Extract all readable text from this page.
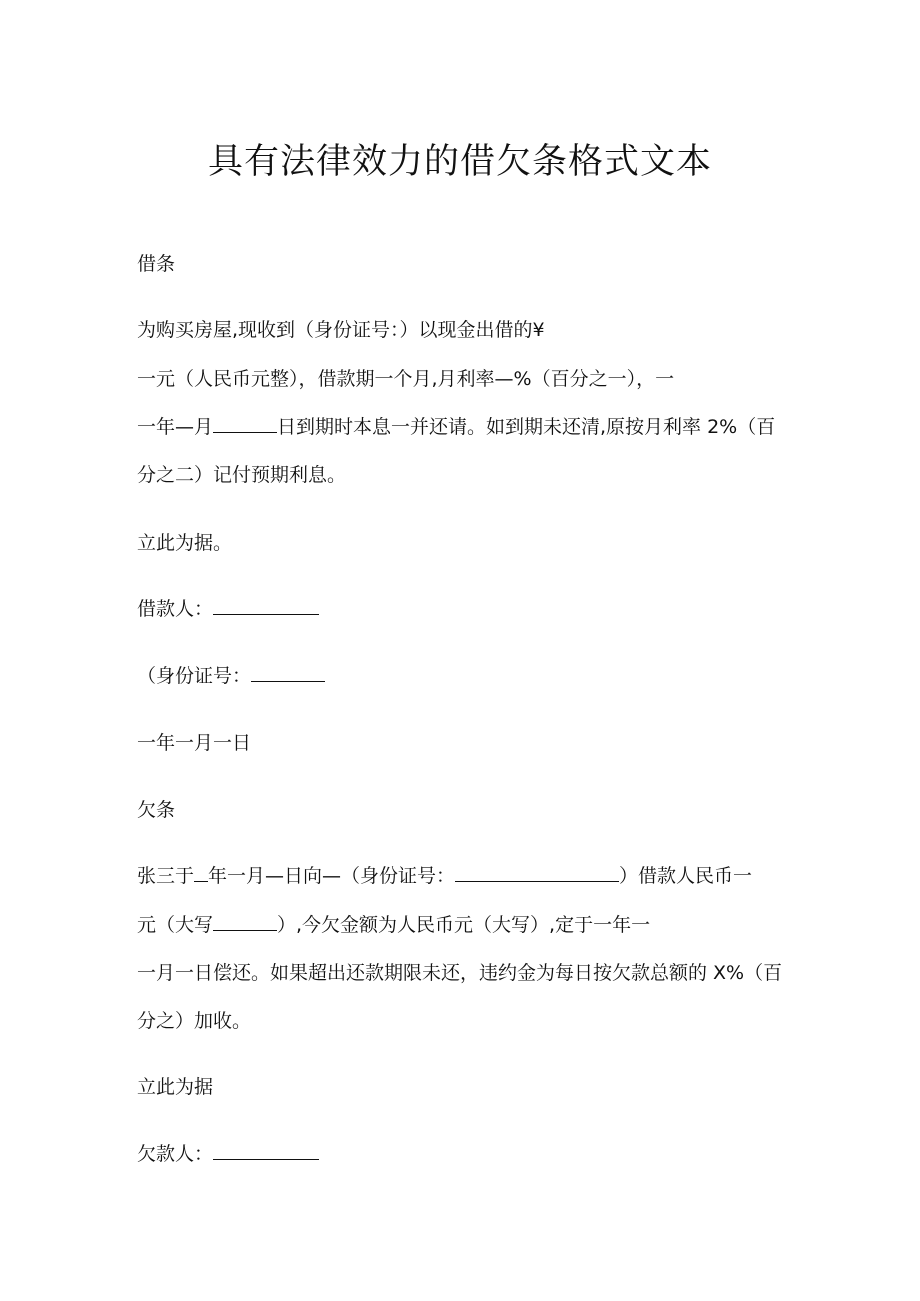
具有法律效力的借欠条格式文本

借条

为购买房屋,现收到（身份证号：）以现金出借的¥

一元（人民币元整），借款期一个月,月利率—%（百分之一），一

一年—月	日到期时本息一并还请。如到期未还清,原按月利率 2%（百

分之二）记付预期利息。

立此为据。

借款人：

（身份证号：

一年一月一日

欠条

张三于 年一月—日向—（身份证号：	）借款人民币一

元（大写	）,今欠金额为人民币元（大写）,定于一年一

一月一日偿还。如果超出还款期限未还，违约金为每日按欠款总额的 X%（百

分之）加收。

立此为据

欠款人：
